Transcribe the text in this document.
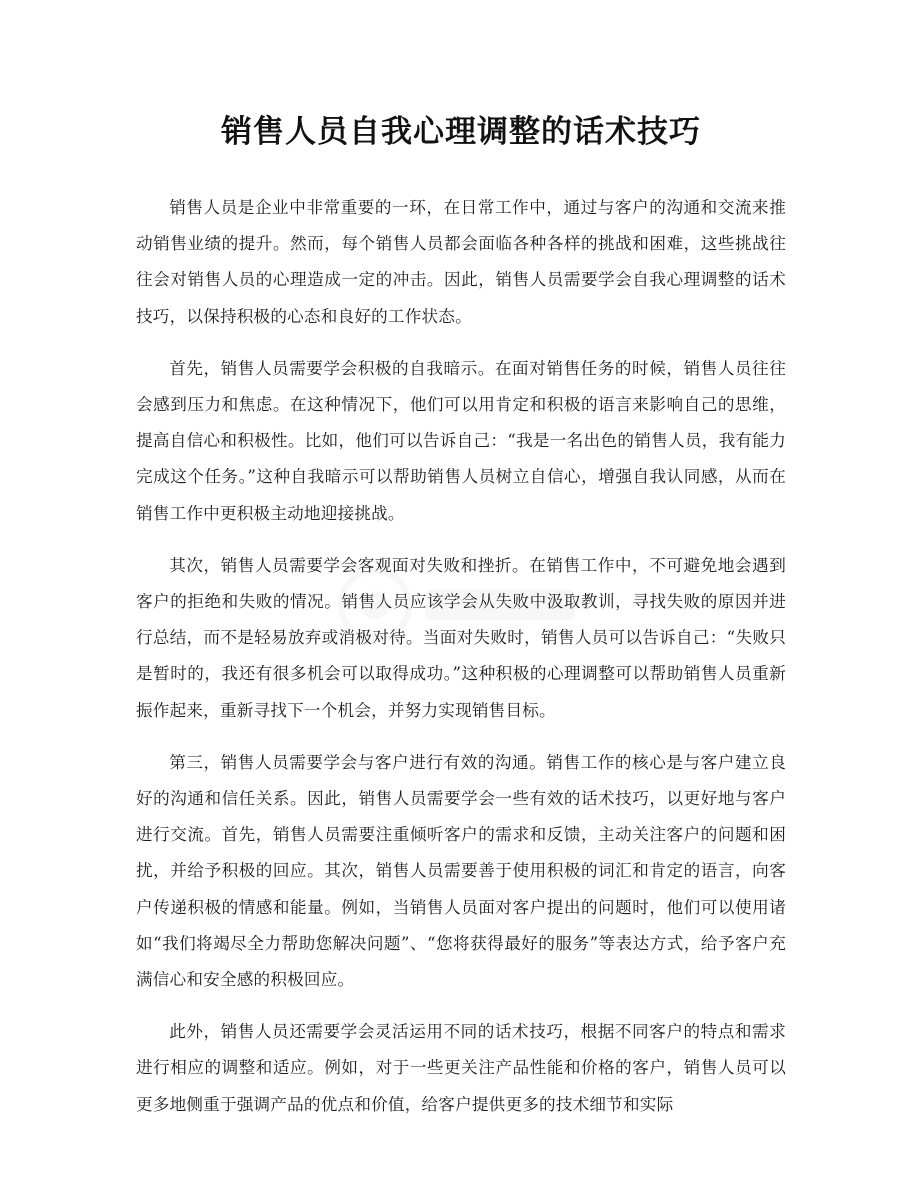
销售人员自我心理调整的话术技巧

销售人员是企业中非常重要的一环，在日常工作中，通过与客户的沟通和交流来推动销售业绩的提升。然而，每个销售人员都会面临各种各样的挑战和困难，这些挑战往往会对销售人员的心理造成一定的冲击。因此，销售人员需要学会自我心理调整的话术技巧，以保持积极的心态和良好的工作状态。

首先，销售人员需要学会积极的自我暗示。在面对销售任务的时候，销售人员往往会感到压力和焦虑。在这种情况下，他们可以用肯定和积极的语言来影响自己的思维，提高自信心和积极性。比如，他们可以告诉自己：“我是一名出色的销售人员，我有能力完成这个任务。”这种自我暗示可以帮助销售人员树立自信心，增强自我认同感，从而在销售工作中更积极主动地迎接挑战。

其次，销售人员需要学会客观面对失败和挫折。在销售工作中，不可避免地会遇到客户的拒绝和失败的情况。销售人员应该学会从失败中汲取教训，寻找失败的原因并进行总结，而不是轻易放弃或消极对待。当面对失败时，销售人员可以告诉自己：“失败只是暂时的，我还有很多机会可以取得成功。”这种积极的心理调整可以帮助销售人员重新振作起来，重新寻找下一个机会，并努力实现销售目标。

第三，销售人员需要学会与客户进行有效的沟通。销售工作的核心是与客户建立良好的沟通和信任关系。因此，销售人员需要学会一些有效的话术技巧，以更好地与客户进行交流。首先，销售人员需要注重倾听客户的需求和反馈，主动关注客户的问题和困扰，并给予积极的回应。其次，销售人员需要善于使用积极的词汇和肯定的语言，向客户传递积极的情感和能量。例如，当销售人员面对客户提出的问题时，他们可以使用诸如“我们将竭尽全力帮助您解决问题”、“您将获得最好的服务”等表达方式，给予客户充满信心和安全感的积极回应。

此外，销售人员还需要学会灵活运用不同的话术技巧，根据不同客户的特点和需求进行相应的调整和适应。例如，对于一些更关注产品性能和价格的客户，销售人员可以更多地侧重于强调产品的优点和价值，给客户提供更多的技术细节和实际
